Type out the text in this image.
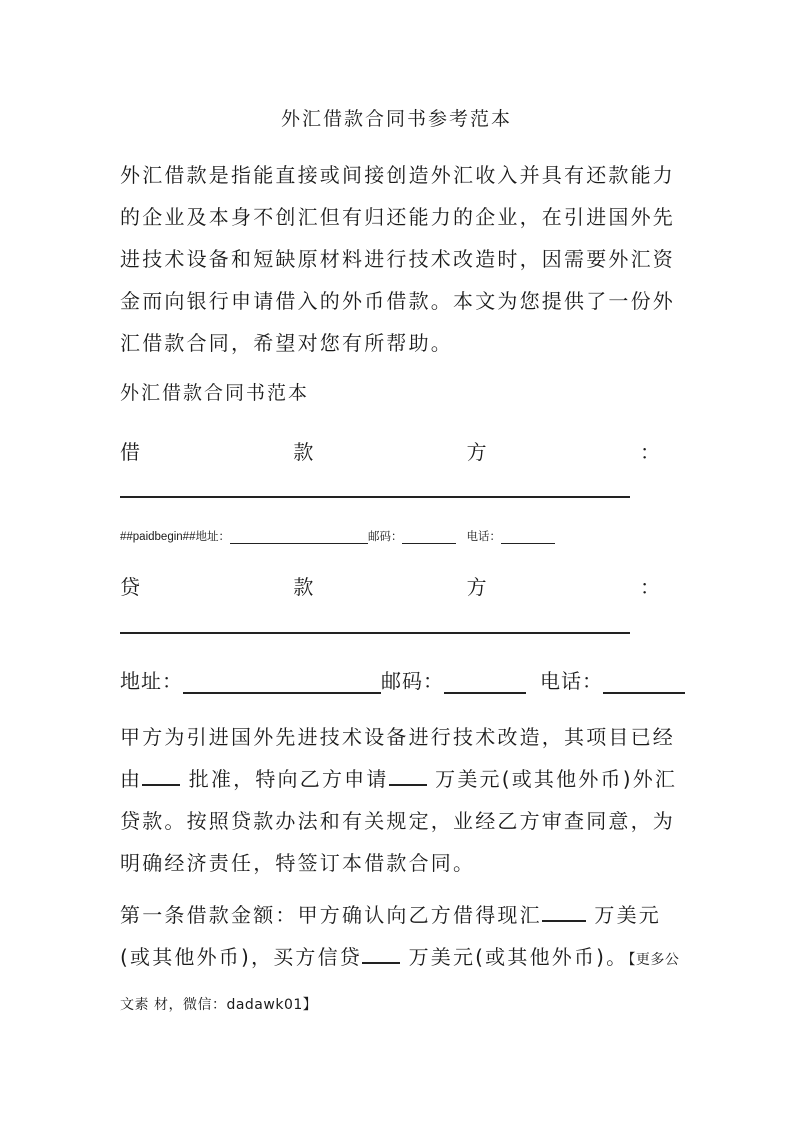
外汇借款合同书参考范本

外汇借款是指能直接或间接创造外汇收入并具有还款能力的企业及本身不创汇但有归还能力的企业，在引进国外先进技术设备和短缺原材料进行技术改造时，因需要外汇资金而向银行申请借入的外币借款。本文为您提供了一份外汇借款合同，希望对您有所帮助。

外汇借款合同书范本
借	款	方	：
##paidbegin##地址：	邮码：	电话：
贷	款	方	：
地址：	邮码：	电话：

甲方为引进国外先进技术设备进行技术改造，其项目已经由 批准，特向乙方申请 万美元(或其他外币)外汇贷款。按照贷款办法和有关规定，业经乙方审查同意，为明确经济责任，特签订本借款合同。

第一条借款金额：甲方确认向乙方借得现汇 万美元(或其他外币)，买方信贷 万美元(或其他外币)。【更多公文素 材，微信：dadawk01】
